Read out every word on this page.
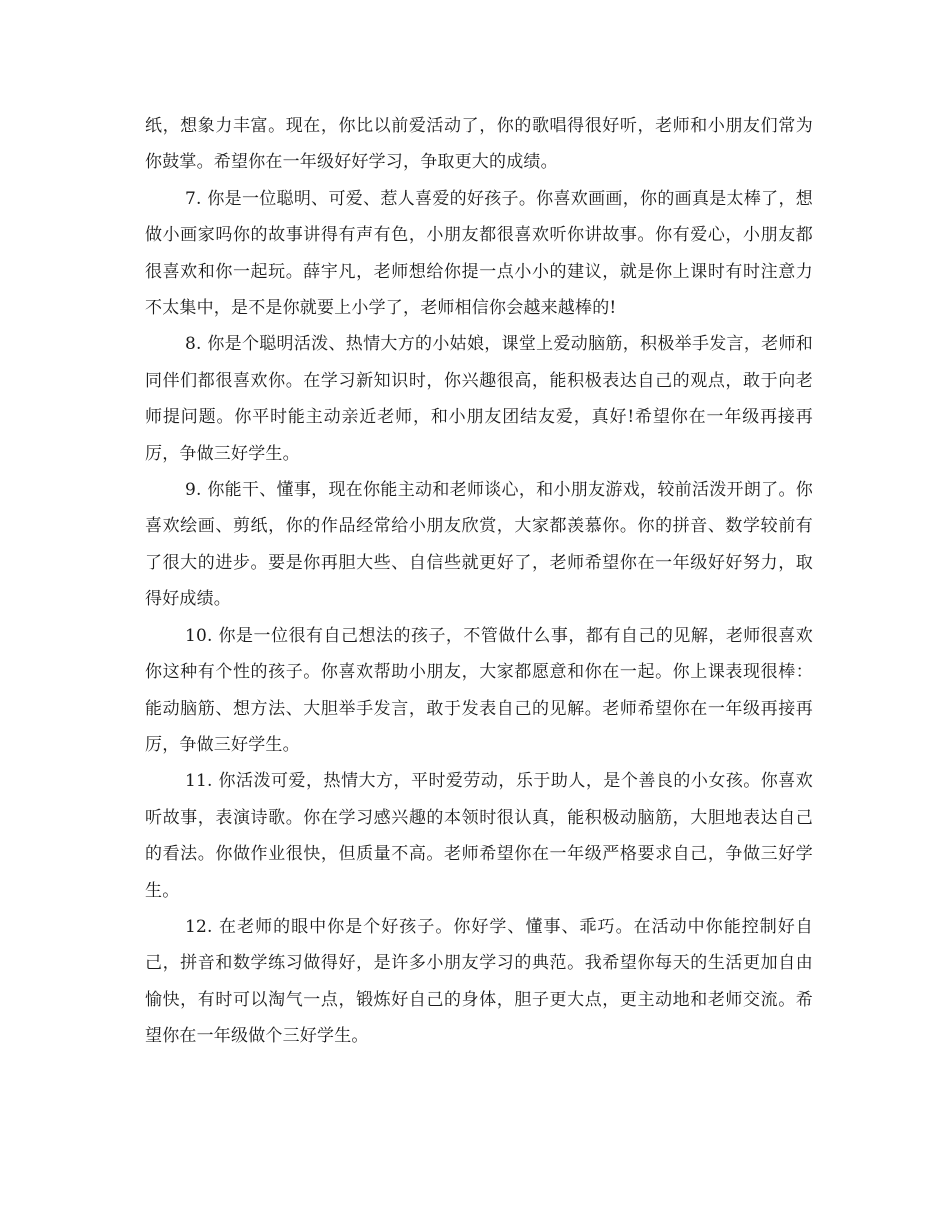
纸，想象力丰富。现在，你比以前爱活动了，你的歌唱得很好听，老师和小朋友们常为你鼓掌。希望你在一年级好好学习，争取更大的成绩。

7. 你是一位聪明、可爱、惹人喜爱的好孩子。你喜欢画画，你的画真是太棒了，想做小画家吗你的故事讲得有声有色，小朋友都很喜欢听你讲故事。你有爱心，小朋友都很喜欢和你一起玩。薛宇凡，老师想给你提一点小小的建议，就是你上课时有时注意力不太集中，是不是你就要上小学了，老师相信你会越来越棒的!

8. 你是个聪明活泼、热情大方的小姑娘，课堂上爱动脑筋，积极举手发言，老师和同伴们都很喜欢你。在学习新知识时，你兴趣很高，能积极表达自己的观点，敢于向老师提问题。你平时能主动亲近老师，和小朋友团结友爱，真好!希望你在一年级再接再厉，争做三好学生。

9. 你能干、懂事，现在你能主动和老师谈心，和小朋友游戏，较前活泼开朗了。你喜欢绘画、剪纸，你的作品经常给小朋友欣赏，大家都羡慕你。你的拼音、数学较前有了很大的进步。要是你再胆大些、自信些就更好了，老师希望你在一年级好好努力，取得好成绩。

10. 你是一位很有自己想法的孩子，不管做什么事，都有自己的见解，老师很喜欢你这种有个性的孩子。你喜欢帮助小朋友，大家都愿意和你在一起。你上课表现很棒：能动脑筋、想方法、大胆举手发言，敢于发表自己的见解。老师希望你在一年级再接再厉，争做三好学生。

11. 你活泼可爱，热情大方，平时爱劳动，乐于助人，是个善良的小女孩。你喜欢听故事，表演诗歌。你在学习感兴趣的本领时很认真，能积极动脑筋，大胆地表达自己的看法。你做作业很快，但质量不高。老师希望你在一年级严格要求自己，争做三好学生。

12. 在老师的眼中你是个好孩子。你好学、懂事、乖巧。在活动中你能控制好自己，拼音和数学练习做得好，是许多小朋友学习的典范。我希望你每天的生活更加自由愉快，有时可以淘气一点，锻炼好自己的身体，胆子更大点，更主动地和老师交流。希望你在一年级做个三好学生。
